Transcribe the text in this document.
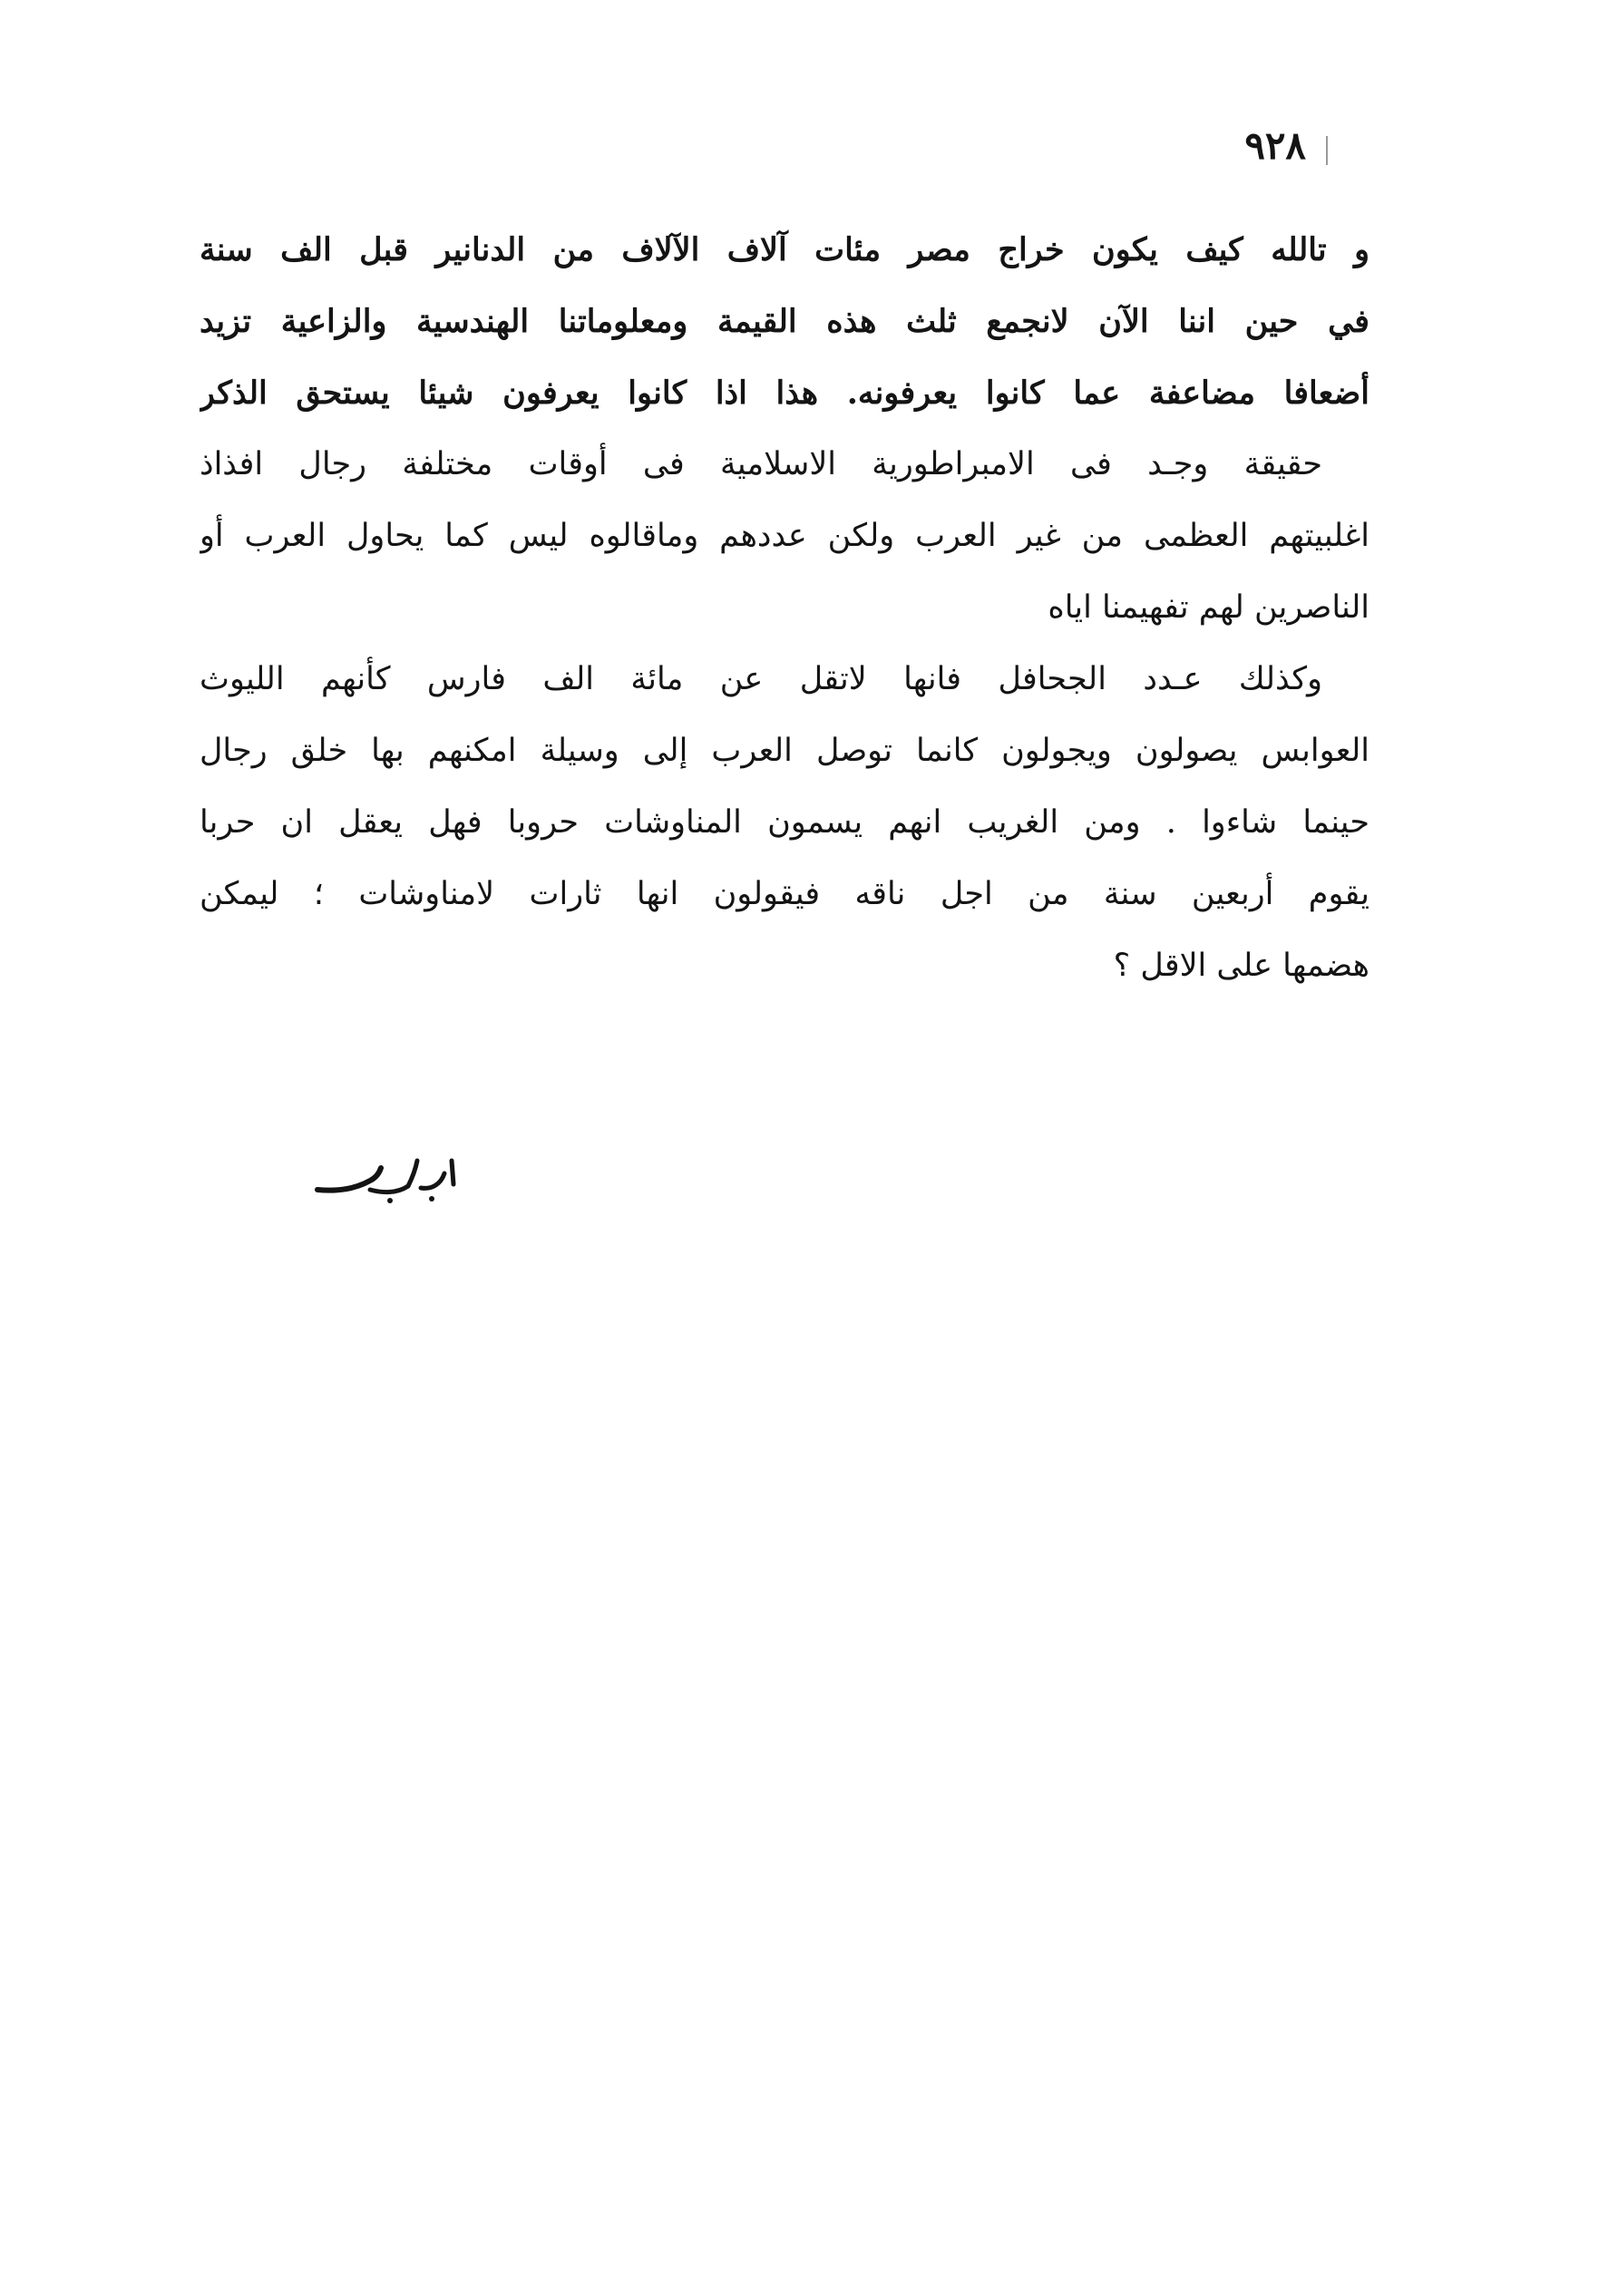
٩٢٨
و تالله كيف يكون خراج مصر مئات آلاف الآلاف من الدنانير قبل الف سنة
في حين اننا الآن لانجمع ثلث هذه القيمة ومعلوماتنا الهندسية والزاعية تزيد
أضعافا مضاعفة عما كانوا يعرفونه. هذا اذا كانوا يعرفون شيئا يستحق الذكر
حقيقة وجـد فى الامبراطورية الاسلامية فى أوقات مختلفة رجال افذاذ
اغلبيتهم العظمى من غير العرب ولكن عددهم وماقالوه ليس كما يحاول العرب أو
الناصرين لهم تفهيمنا اياه
وكذلك عـدد الجحافل فانها لاتقل عن مائة الف فارس كأنهم الليوث
العوابس يصولون ويجولون كانما توصل العرب إلى وسيلة امكنهم بها خلق رجال
حينما شاءوا . ومن الغريب انهم يسمون المناوشات حروبا فهل يعقل ان حربا
يقوم أربعين سنة من اجل ناقه فيقولون انها ثارات لامناوشات ؛ ليمكن
هضمها على الاقل ؟
